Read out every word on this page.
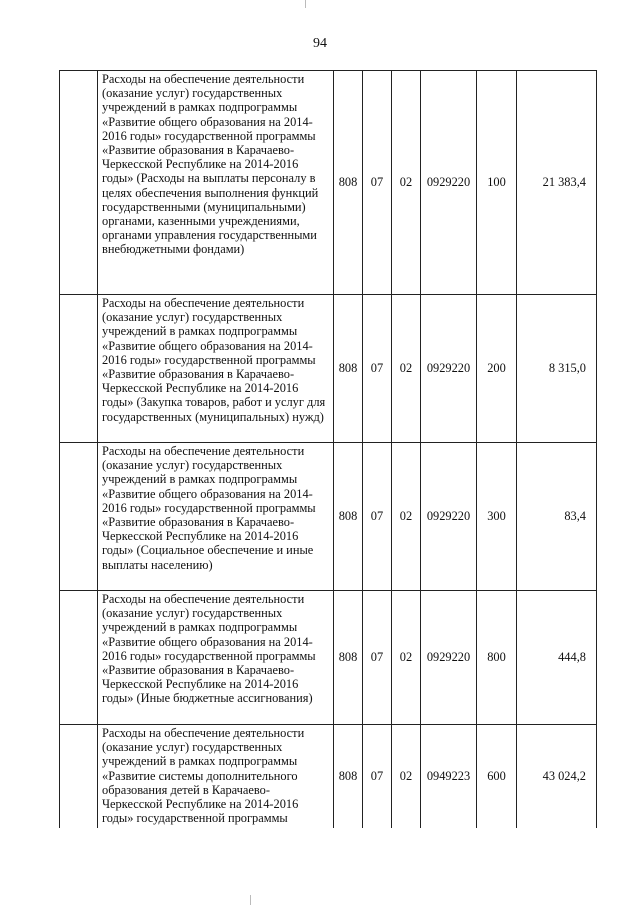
94
	Расходы на обеспечение деятельности (оказание услуг) государственных учреждений в рамках подпрограммы «Развитие общего образования на 2014-2016 годы» государственной программы «Развитие образования в Карачаево-Черкесской Республике на 2014-2016 годы» (Расходы на выплаты персоналу в целях обеспечения выполнения функций государственными (муниципальными) органами, казенными учреждениями, органами управления государственными внебюджетными фондами)	808	07	02	0929220	100	21 383,4
	Расходы на обеспечение деятельности (оказание услуг) государственных учреждений в рамках подпрограммы «Развитие общего образования на 2014-2016 годы» государственной программы «Развитие образования в Карачаево-Черкесской Республике на 2014-2016 годы» (Закупка товаров, работ и услуг для государственных (муниципальных) нужд)	808	07	02	0929220	200	8 315,0
	Расходы на обеспечение деятельности (оказание услуг) государственных учреждений в рамках подпрограммы «Развитие общего образования на 2014-2016 годы» государственной программы «Развитие образования в Карачаево-Черкесской Республике на 2014-2016 годы» (Социальное обеспечение и иные выплаты населению)	808	07	02	0929220	300	83,4
	Расходы на обеспечение деятельности (оказание услуг) государственных учреждений в рамках подпрограммы «Развитие общего образования на 2014-2016 годы» государственной программы «Развитие образования в Карачаево-Черкесской Республике на 2014-2016 годы» (Иные бюджетные ассигнования)	808	07	02	0929220	800	444,8
	Расходы на обеспечение деятельности (оказание услуг) государственных учреждений в рамках подпрограммы «Развитие системы дополнительного образования детей в Карачаево-Черкесской Республике на 2014-2016 годы» государственной программы	808	07	02	0949223	600	43 024,2
